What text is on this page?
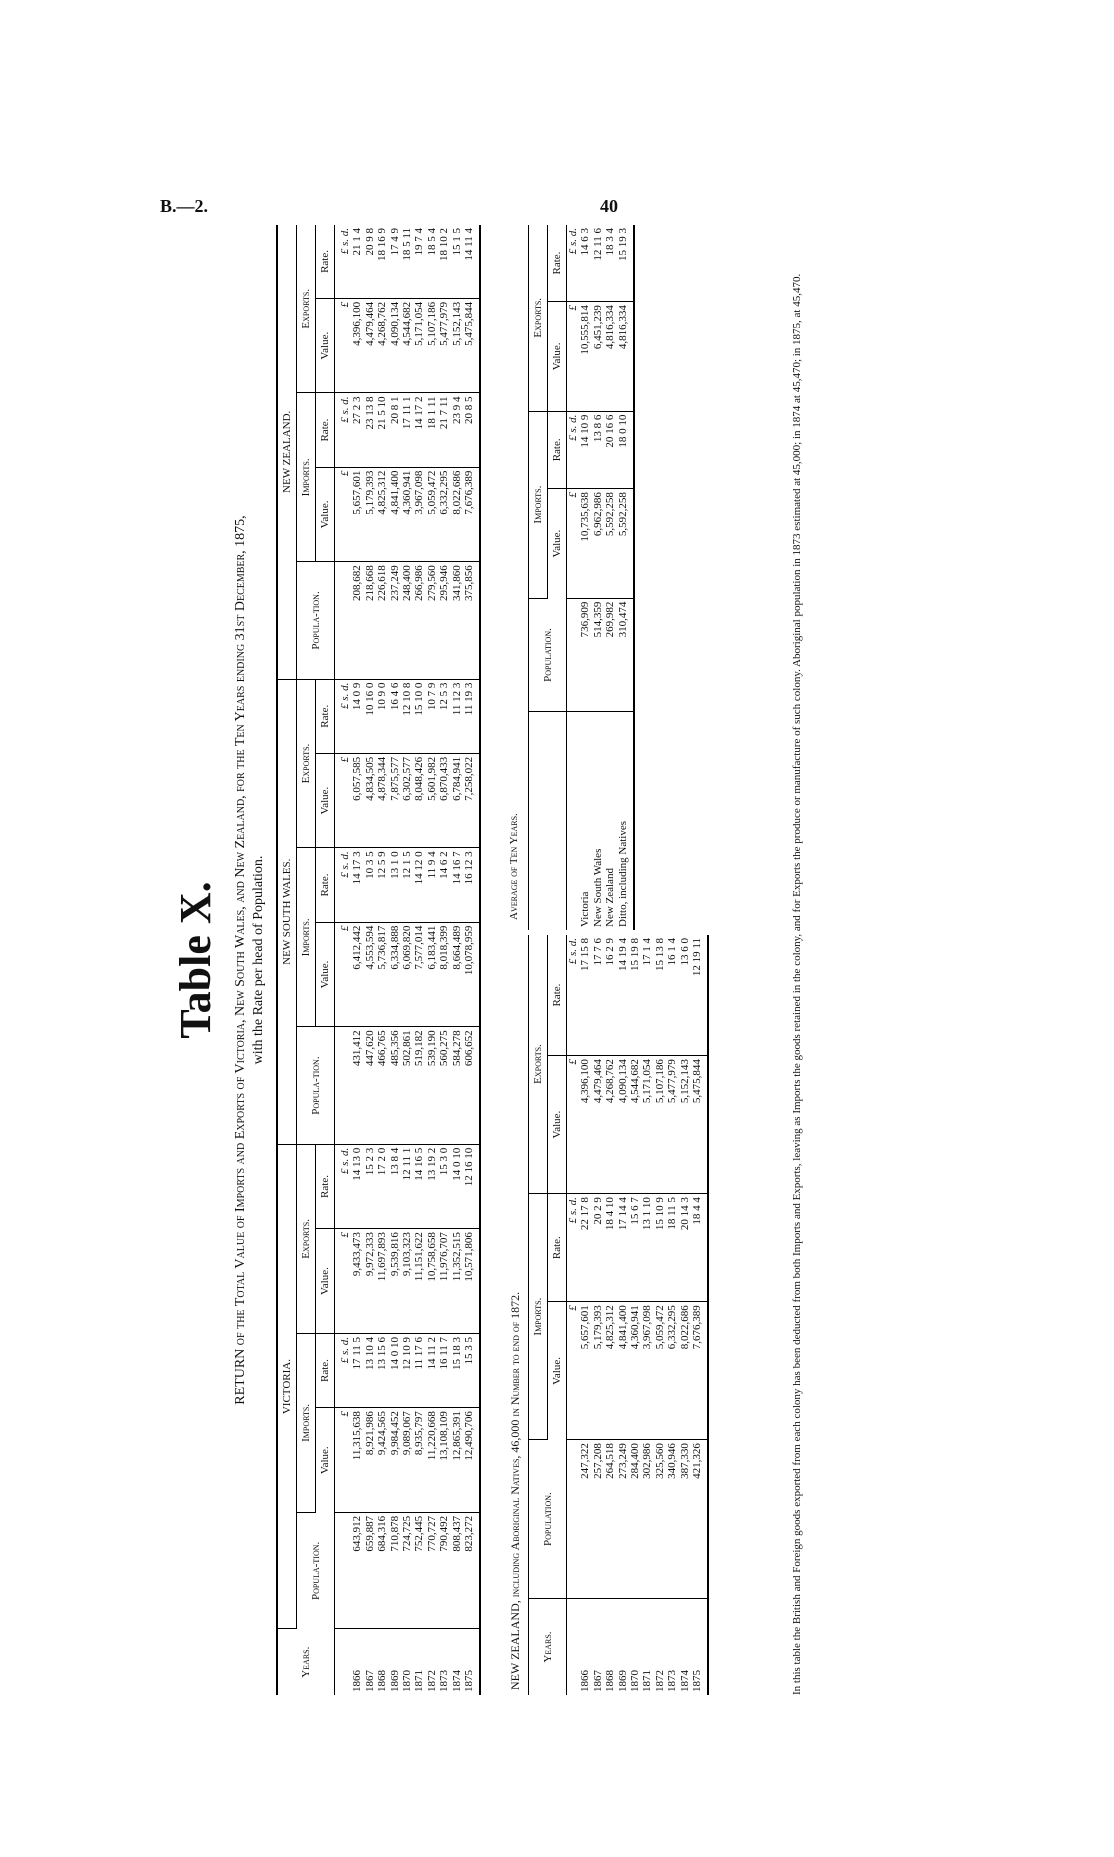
B.—2.	40
Table X. RETURN of the Total Value of Imports and Exports of Victoria, New South Wales, and New Zealand, for the Ten Years ending 31st December, 1875, with the Rate per head of Population.
Years.	VICTORIA.					NEW SOUTH WALES.					NEW ZEALAND.				
	Popula-tion.	Imports.		Exports.		Popula-tion.	Imports.		Exports.		Popula-tion.	Imports.		Exports.	
		Value.	Rate.	Value.	Rate.		Value.	Rate.	Value.	Rate.		Value.	Rate.	Value.	Rate.
		£	£ s. d.	£	£ s. d.		£	£ s. d.	£	£ s. d.		£	£ s. d.	£	£ s. d.
1866	643,912	11,315,638	17 11 5	9,433,473	14 13 0	431,412	6,412,442	14 17 3	6,057,585	14 0 9	208,682	5,657,601	27 2 3	4,396,100	21 1 4
1867	659,887	8,921,986	13 10 4	9,972,333	15 2 3	447,620	4,553,594	10 3 5	4,834,505	10 16 0	218,668	5,179,393	23 13 8	4,479,464	20 9 8
1868	684,316	9,424,565	13 15 6	11,697,893	17 2 0	466,765	5,736,817	12 5 9	4,878,344	10 9 0	226,618	4,825,312	21 5 10	4,268,762	18 16 9
1869	710,878	9,984,452	14 0 10	9,539,816	13 8 4	485,356	6,334,888	13 1 0	7,875,577	16 4 6	237,249	4,841,400	20 8 1	4,090,134	17 4 9
1870	724,725	9,089,067	12 10 9	9,103,323	12 11 1	502,861	6,069,820	12 1 5	6,302,577	12 10 8	248,400	4,360,941	17 11 1	4,544,682	18 5 11
1871	752,445	8,935,797	11 17 6	11,151,622	14 16 5	519,182	7,577,014	14 12 0	8,048,426	15 10 0	266,986	3,967,098	14 17 2	5,171,054	19 7 4
1872	770,727	11,220,668	14 11 2	10,758,658	13 19 2	539,190	6,183,441	11 9 4	5,601,982	10 7 9	279,560	5,059,472	18 1 11	5,107,186	18 5 4
1873	790,492	13,108,109	16 11 7	11,976,707	15 3 0	560,275	8,018,399	14 6 2	6,870,433	12 5 3	295,946	6,332,295	21 7 11	5,477,979	18 10 2
1874	808,437	12,865,391	15 18 3	11,352,515	14 0 10	584,278	8,664,489	14 16 7	6,784,941	11 12 3	341,860	8,022,686	23 9 4	5,152,143	15 1 5
1875	823,272	12,490,706	15 3 5	10,571,806	12 16 10	606,652	10,078,959	16 12 3	7,258,022	11 19 3	375,856	7,676,389	20 8 5	5,475,844	14 11 4
NEW ZEALAND, including Aboriginal Natives, 46,000 in Number to end of 1872. Years.	Population.	Imports.		Exports.	
		Value.	Rate.	Value.	Rate.
		£	£ s. d.	£	£ s. d.
1866	247,322	5,657,601	22 17 8	4,396,100	17 15 8
1867	257,208	5,179,393	20 2 9	4,479,464	17 7 6
1868	264,518	4,825,312	18 4 10	4,268,762	16 2 9
1869	273,249	4,841,400	17 14 4	4,090,134	14 19 4
1870	284,400	4,360,941	15 6 7	4,544,682	15 19 8
1871	302,986	3,967,098	13 1 10	5,171,054	17 1 4
1872	325,560	5,059,472	15 10 9	5,107,186	15 13 8
1873	340,946	6,332,295	18 11 5	5,477,979	16 1 4
1874	387,330	8,022,686	20 14 3	5,152,143	13 6 0
1875	421,326	7,676,389	18 4 4	5,475,844	12 19 11
Average of Ten Years.
	Population.	Imports.		Exports.	
		Value.	Rate.	Value.	Rate.
		£	£ s. d.	£	£ s. d.
Victoria	736,909	10,735,638	14 10 9	10,555,814	14 6 3
New South Wales	514,359	6,962,986	13 8 6	6,451,239	12 11 6
New Zealand	269,982	5,592,258	20 16 6	4,816,334	18 3 4
Ditto, including Natives	310,474	5,592,258	18 0 10	4,816,334	15 19 3
In this table the British and Foreign goods exported from each colony has been deducted from both Imports and Exports, leaving as Imports the goods retained in the colony, and for Exports the produce or manufacture of such colony. Aboriginal population in 1873 estimated at 45,000; in 1874 at 45,470; in 1875, at 45,470.
